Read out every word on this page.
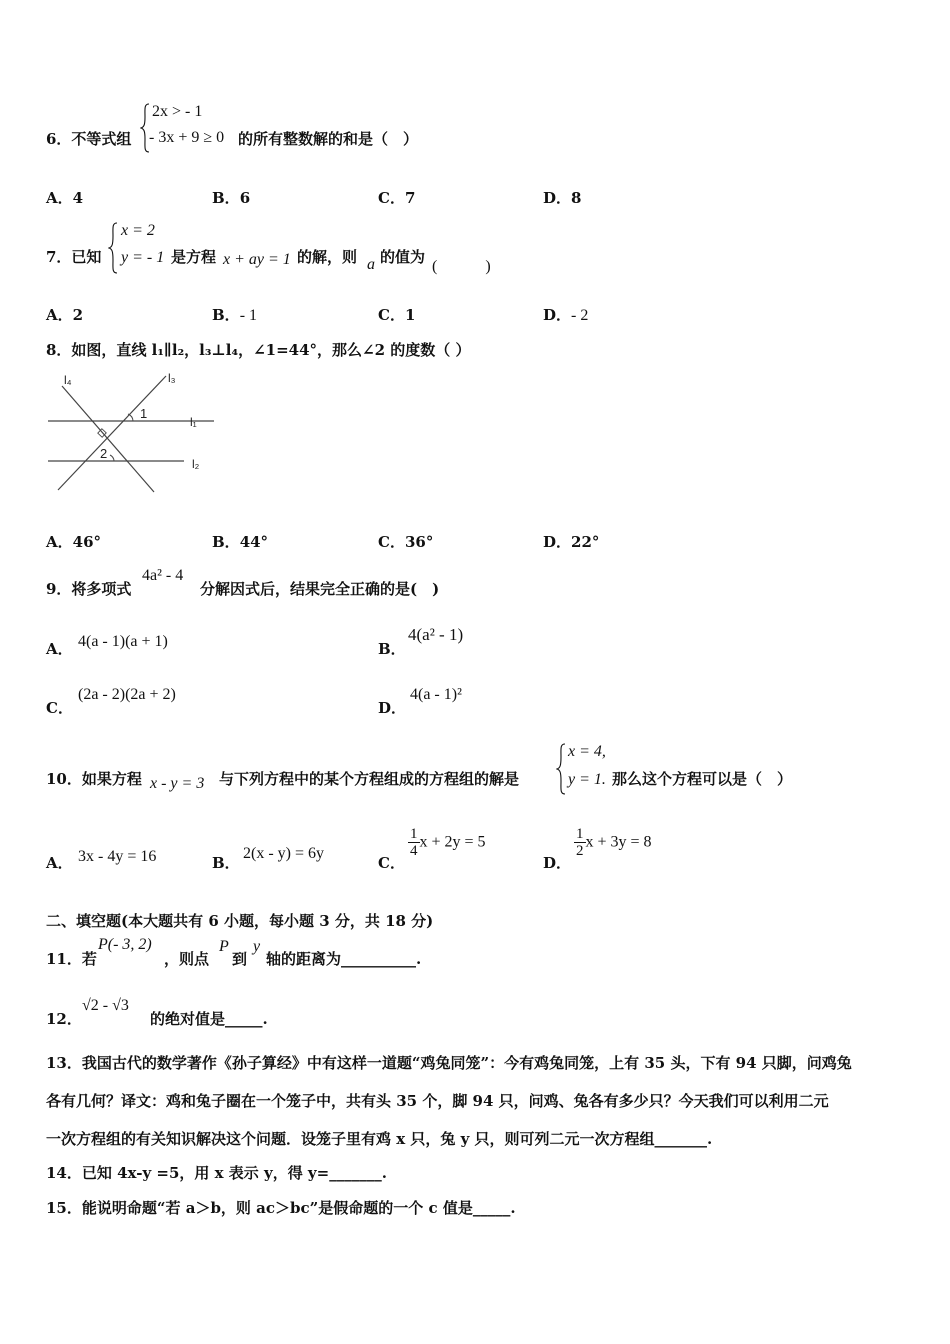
6．不等式组
2x > - 1
- 3x + 9 ≥ 0 的所有整数解的和是（　）
A．4	B．6	C．7	D．8
7．已知
x = 2
y = - 1 是方程 x + ay = 1 的解，则 a 的值为
(　　　)
A．2	B．- 1	C．1	D．- 2
8．如图，直线 l₁∥l₂，l₃⊥l₄，∠1=44°，那么∠2 的度数（ ）
l₄	l₃
l₁
l₂
1
2
A．46°	B．44°	C．36°	D．22°
9．将多项式
4a² - 4
分解因式后，结果完全正确的是(　)
A． 4(a - 1)(a + 1)	B．
4(a² - 1)
C．
(2a - 2)(2a + 2)
D．
4(a - 1)²
10．如果方程 x - y = 3 与下列方程中的某个方程组成的方程组的解是
x = 4,
y = 1. 那么这个方程可以是（　）
A． 3x - 4y = 16	B．
2(x - y) = 6y
C．
$\frac{1}{4}$ x + 2y = 5
D．
$\frac{1}{2}$ x + 3y = 8
二、填空题(本大题共有 6 小题，每小题 3 分，共 18 分)
11．若
P(- 3, 2)
，则点
P
到
y
轴的距离为__________.
12．
√2 - √3
的绝对值是_____.
13．我国古代的数学著作《孙子算经》中有这样一道题“鸡兔同笼”：今有鸡兔同笼，上有 35 头，下有 94 只脚，问鸡兔
各有几何？译文：鸡和兔子圈在一个笼子中，共有头 35 个，脚 94 只，问鸡、兔各有多少只？今天我们可以利用二元
一次方程组的有关知识解决这个问题．设笼子里有鸡 x 只，兔 y 只，则可列二元一次方程组_______.
14．已知 4x-y =5，用 x 表示 y，得 y=_______.
15．能说明命题“若 a＞b，则 ac＞bc”是假命题的一个 c 值是_____.
